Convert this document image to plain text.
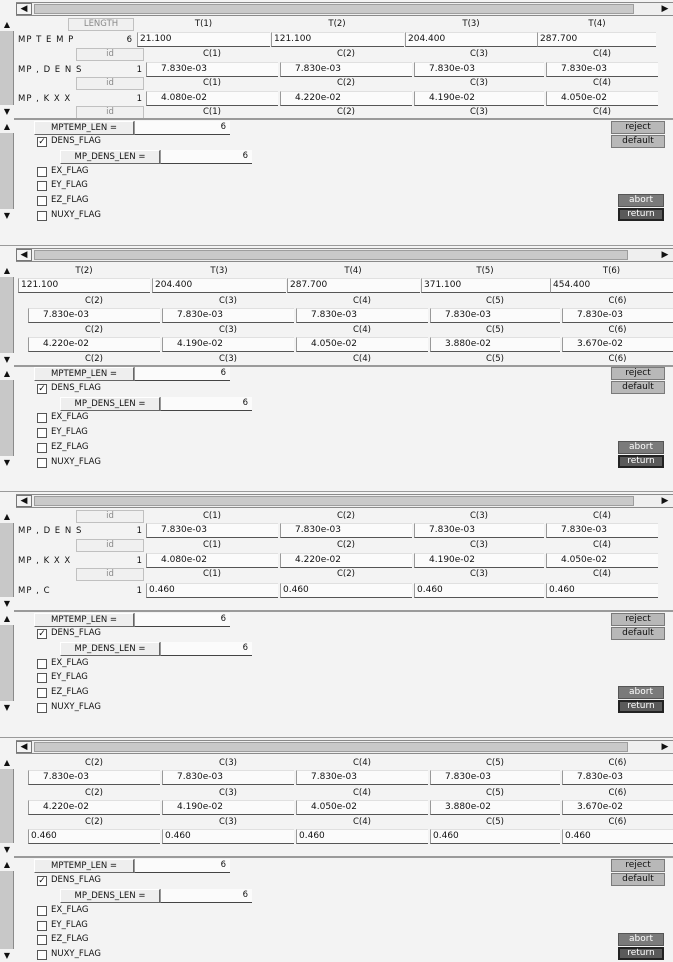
◀	▶
▲
▼
LENGTH	T(1)	T(2)	T(3)	T(4)
MP T E M P	6 21.100	121.100	204.400	287.700
id	C(1)	C(2)	C(3)	C(4)
MP , D E N S	1	7.830e-03	7.830e-03	7.830e-03	7.830e-03
id	C(1)	C(2)	C(3)	C(4)
MP , K X X	1	4.080e-02	4.220e-02	4.190e-02	4.050e-02
id	C(1)	C(2)	C(3)	C(4)
▲
▼
MPTEMP_LEN =	6
✓ DENS_FLAG
MP_DENS_LEN =	6
EX_FLAG
EY_FLAG
EZ_FLAG
NUXY_FLAG
reject
default
abort
return
◀	▶
▲
▼
T(2)	T(3)	T(4)	T(5)	T(6)
121.100	204.400	287.700	371.100	454.400
C(2)	C(3)	C(4)	C(5)	C(6)
7.830e-03	7.830e-03	7.830e-03	7.830e-03	7.830e-03
C(2)	C(3)	C(4)	C(5)	C(6)
4.220e-02	4.190e-02	4.050e-02	3.880e-02	3.670e-02
C(2)	C(3)	C(4)	C(5)	C(6)
▲
▼
MPTEMP_LEN =	6
✓ DENS_FLAG
MP_DENS_LEN =	6
EX_FLAG
EY_FLAG
EZ_FLAG
NUXY_FLAG
reject
default
abort
return
◀	▶
▲
▼
id	C(1)	C(2)	C(3)	C(4)
MP , D E N S	1	7.830e-03	7.830e-03	7.830e-03	7.830e-03
id	C(1)	C(2)	C(3)	C(4)
MP , K X X	1	4.080e-02	4.220e-02	4.190e-02	4.050e-02
id	C(1)	C(2)	C(3)	C(4)
MP , C	1 0.460	0.460	0.460	0.460
▲
▼
MPTEMP_LEN =	6
✓ DENS_FLAG
MP_DENS_LEN =	6
EX_FLAG
EY_FLAG
EZ_FLAG
NUXY_FLAG
reject
default
abort
return
◀	▶
▲
▼
C(2)	C(3)	C(4)	C(5)	C(6)
7.830e-03	7.830e-03	7.830e-03	7.830e-03	7.830e-03
C(2)	C(3)	C(4)	C(5)	C(6)
4.220e-02	4.190e-02	4.050e-02	3.880e-02	3.670e-02
C(2)	C(3)	C(4)	C(5)	C(6)
0.460	0.460	0.460	0.460	0.460
▲
▼
MPTEMP_LEN =	6
✓ DENS_FLAG
MP_DENS_LEN =	6
EX_FLAG
EY_FLAG
EZ_FLAG
NUXY_FLAG
reject
default
abort
return
